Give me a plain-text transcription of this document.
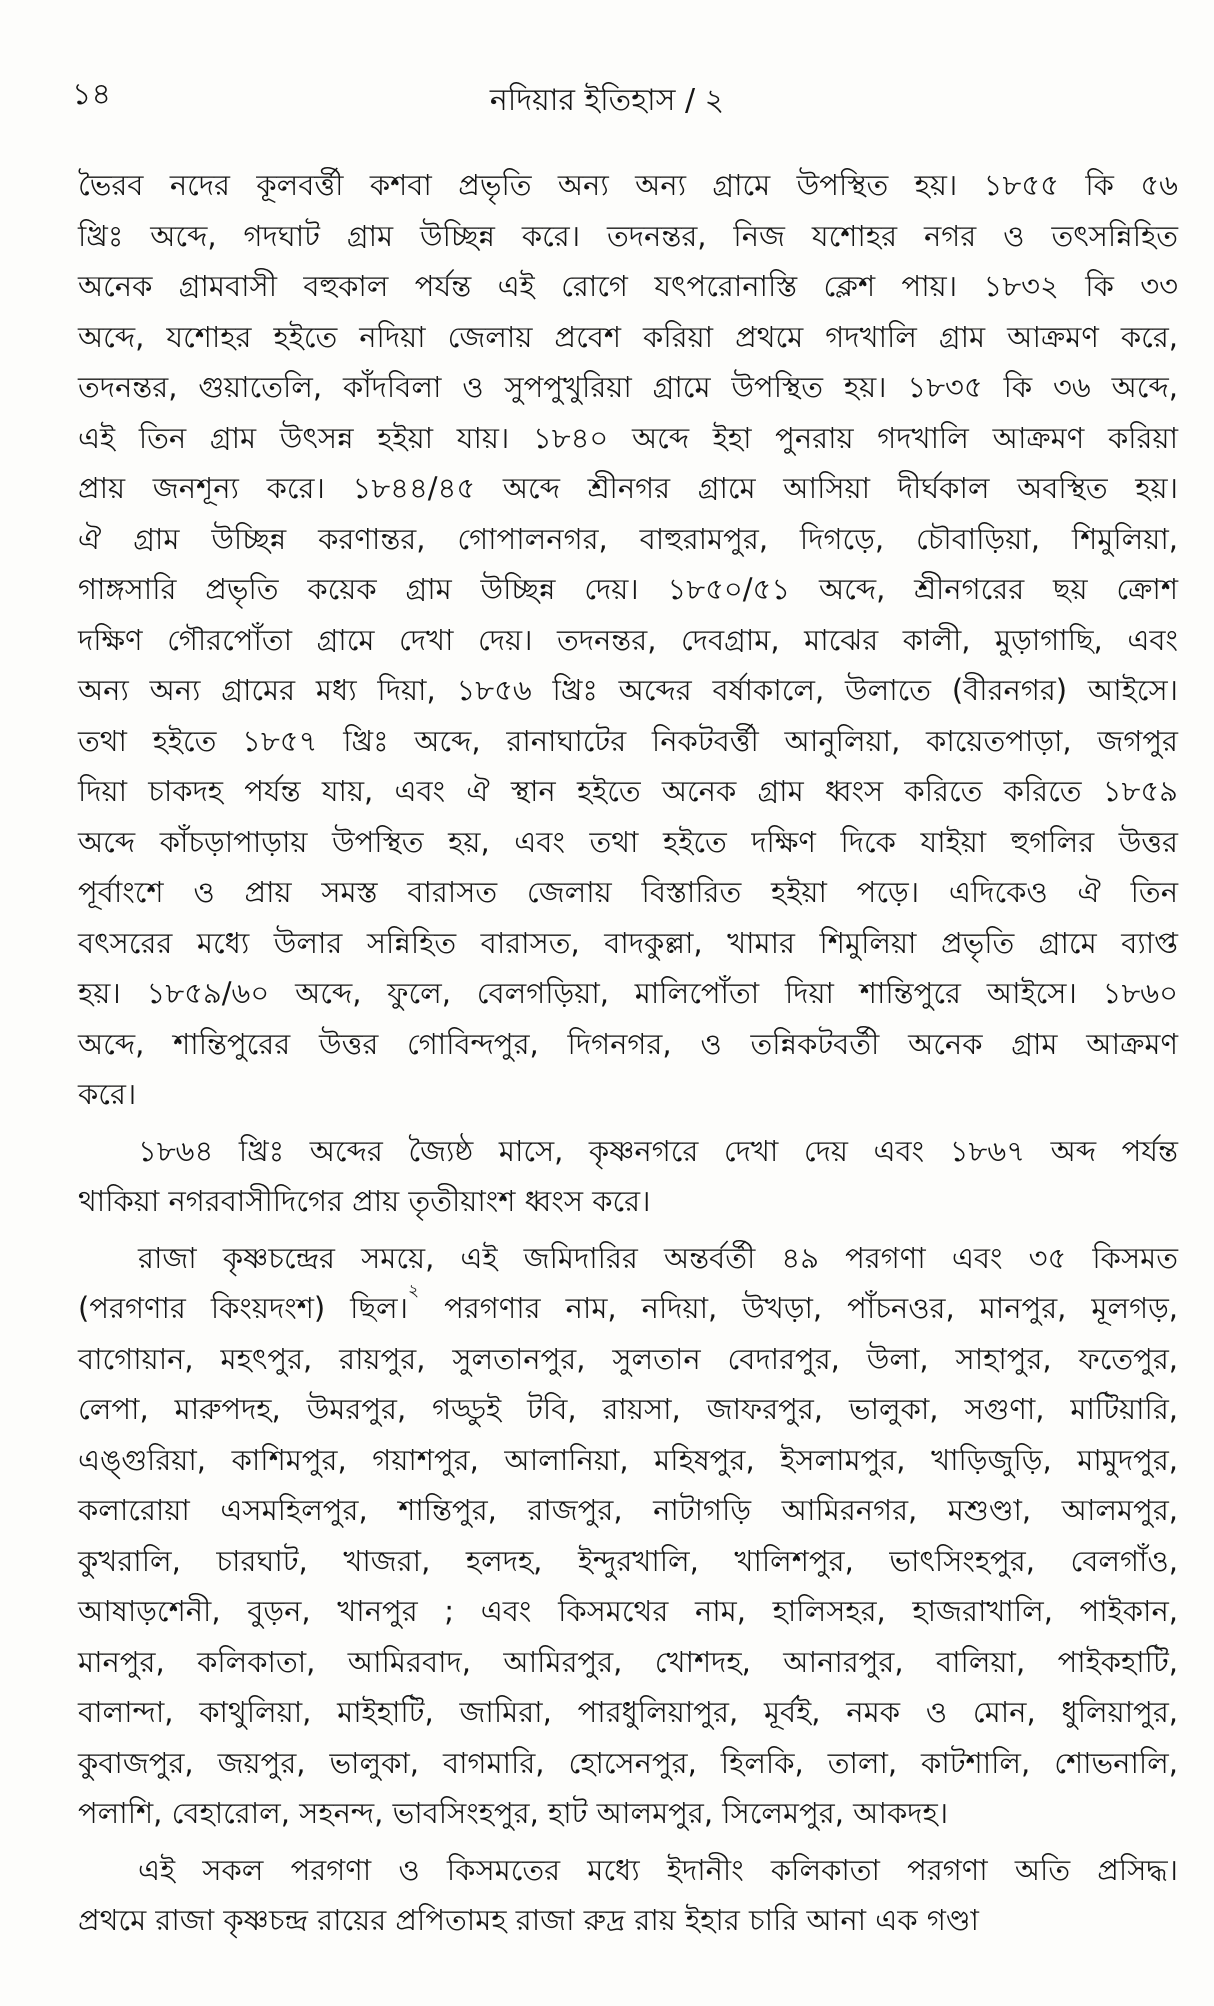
১৪	নদিয়ার ইতিহাস / ২
ভৈরব নদের কূলবর্ত্তী কশবা প্রভৃতি অন্য অন্য গ্রামে উপস্থিত হয়। ১৮৫৫ কি ৫৬
খ্রিঃ অব্দে, গদঘাট গ্রাম উচ্ছিন্ন করে। তদনন্তর, নিজ যশোহর নগর ও তৎসন্নিহিত
অনেক গ্রামবাসী বহুকাল পর্যন্ত এই রোগে যৎপরোনাস্তি ক্লেশ পায়। ১৮৩২ কি ৩৩
অব্দে, যশোহর হইতে নদিয়া জেলায় প্রবেশ করিয়া প্রথমে গদখালি গ্রাম আক্রমণ করে,
তদনন্তর, গুয়াতেলি, কাঁদবিলা ও সুপপুখুরিয়া গ্রামে উপস্থিত হয়। ১৮৩৫ কি ৩৬ অব্দে,
এই তিন গ্রাম উৎসন্ন হইয়া যায়। ১৮৪০ অব্দে ইহা পুনরায় গদখালি আক্রমণ করিয়া
প্রায় জনশূন্য করে। ১৮৪৪/৪৫ অব্দে শ্রীনগর গ্রামে আসিয়া দীর্ঘকাল অবস্থিত হয়।
ঐ গ্রাম উচ্ছিন্ন করণান্তর, গোপালনগর, বাহুরামপুর, দিগড়ে, চৌবাড়িয়া, শিমুলিয়া,
গাঙ্গসারি প্রভৃতি কয়েক গ্রাম উচ্ছিন্ন দেয়। ১৮৫০/৫১ অব্দে, শ্রীনগরের ছয় ক্রোশ
দক্ষিণ গৌরপোঁতা গ্রামে দেখা দেয়। তদনন্তর, দেবগ্রাম, মাঝের কালী, মুড়াগাছি, এবং
অন্য অন্য গ্রামের মধ্য দিয়া, ১৮৫৬ খ্রিঃ অব্দের বর্ষাকালে, উলাতে (বীরনগর) আইসে।
তথা হইতে ১৮৫৭ খ্রিঃ অব্দে, রানাঘাটের নিকটবর্ত্তী আনুলিয়া, কায়েতপাড়া, জগপুর
দিয়া চাকদহ পর্যন্ত যায়, এবং ঐ স্থান হইতে অনেক গ্রাম ধ্বংস করিতে করিতে ১৮৫৯
অব্দে কাঁচড়াপাড়ায় উপস্থিত হয়, এবং তথা হইতে দক্ষিণ দিকে যাইয়া হুগলির উত্তর
পূর্বাংশে ও প্রায় সমস্ত বারাসত জেলায় বিস্তারিত হইয়া পড়ে। এদিকেও ঐ তিন
বৎসরের মধ্যে উলার সন্নিহিত বারাসত, বাদকুল্লা, খামার শিমুলিয়া প্রভৃতি গ্রামে ব্যাপ্ত
হয়। ১৮৫৯/৬০ অব্দে, ফুলে, বেলগড়িয়া, মালিপোঁতা দিয়া শান্তিপুরে আইসে। ১৮৬০
অব্দে, শান্তিপুরের উত্তর গোবিন্দপুর, দিগনগর, ও তন্নিকটবর্তী অনেক গ্রাম আক্রমণ
করে।
১৮৬৪ খ্রিঃ অব্দের জ্যৈষ্ঠ মাসে, কৃষ্ণনগরে দেখা দেয় এবং ১৮৬৭ অব্দ পর্যন্ত
থাকিয়া নগরবাসীদিগের প্রায় তৃতীয়াংশ ধ্বংস করে।
রাজা কৃষ্ণচন্দ্রের সময়ে, এই জমিদারির অন্তর্বর্তী ৪৯ পরগণা এবং ৩৫ কিসমত
(পরগণার কিংয়দংশ) ছিল।$^২$ পরগণার নাম, নদিয়া, উখড়া, পাঁচনওর, মানপুর, মূলগড়,
বাগোয়ান, মহৎপুর, রায়পুর, সুলতানপুর, সুলতান বেদারপুর, উলা, সাহাপুর, ফতেপুর,
লেপা, মারুপদহ, উমরপুর, গড্ডুই টবি, রায়সা, জাফরপুর, ভালুকা, সগুণা, মাটিয়ারি,
এঙ্গুরিয়া, কাশিমপুর, গয়াশপুর, আলানিয়া, মহিষপুর, ইসলামপুর, খাড়িজুড়ি, মামুদপুর,
কলারোয়া এসমহিলপুর, শান্তিপুর, রাজপুর, নাটাগড়ি আমিরনগর, মশুণ্ডা, আলমপুর,
কুখরালি, চারঘাট, খাজরা, হলদহ, ইন্দুরখালি, খালিশপুর, ভাৎসিংহপুর, বেলগাঁও,
আষাড়শেনী, বুড়ন, খানপুর ; এবং কিসমথের নাম, হালিসহর, হাজরাখালি, পাইকান,
মানপুর, কলিকাতা, আমিরবাদ, আমিরপুর, খোশদহ, আনারপুর, বালিয়া, পাইকহাটি,
বালান্দা, কাথুলিয়া, মাইহাটি, জামিরা, পারধুলিয়াপুর, মূর্বই, নমক ও মোন, ধুলিয়াপুর,
কুবাজপুর, জয়পুর, ভালুকা, বাগমারি, হোসেনপুর, হিলকি, তালা, কাটশালি, শোভনালি,
পলাশি, বেহারোল, সহনন্দ, ভাবসিংহপুর, হাট আলমপুর, সিলেমপুর, আকদহ।
এই সকল পরগণা ও কিসমতের মধ্যে ইদানীং কলিকাতা পরগণা অতি প্রসিদ্ধ।
প্রথমে রাজা কৃষ্ণচন্দ্র রায়ের প্রপিতামহ রাজা রুদ্র রায় ইহার চারি আনা এক গণ্ডা
